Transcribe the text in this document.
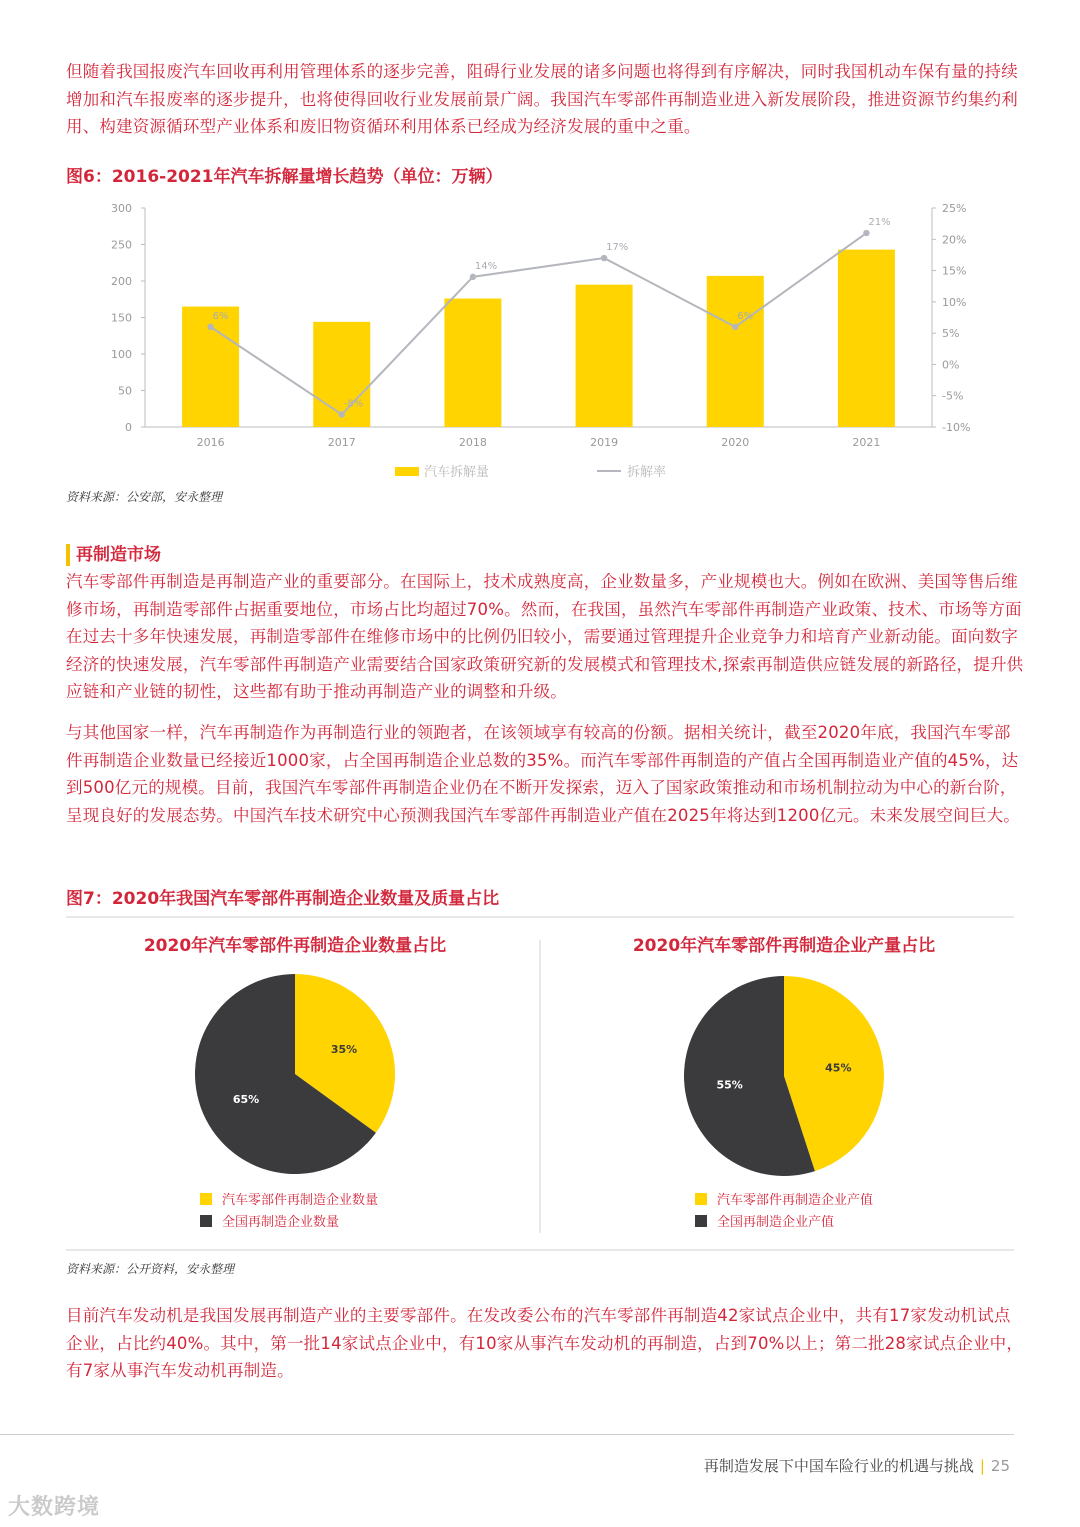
但随着我国报废汽车回收再利用管理体系的逐步完善，阻碍行业发展的诸多问题也将得到有序解决，同时我国机动车保有量的持续增加和汽车报废率的逐步提升，也将使得回收行业发展前景广阔。我国汽车零部件再制造业进入新发展阶段，推进资源节约集约利用、构建资源循环型产业体系和废旧物资循环利用体系已经成为经济发展的重中之重。

图6：2016-2021年汽车拆解量增长趋势（单位：万辆）

0
50
100
150
200
250
300
-10%
-5%
0%
5%
10%
15%
20%
25%
2016	2017	2018	2019	2020	2021
6%
-8%
14%
17%
6%
21%
汽车拆解量	拆解率

资料来源：公安部，安永整理

再制造市场

汽车零部件再制造是再制造产业的重要部分。在国际上，技术成熟度高，企业数量多，产业规模也大。例如在欧洲、美国等售后维修市场，再制造零部件占据重要地位，市场占比均超过70%。然而，在我国，虽然汽车零部件再制造产业政策、技术、市场等方面在过去十多年快速发展，再制造零部件在维修市场中的比例仍旧较小，需要通过管理提升企业竞争力和培育产业新动能。面向数字经济的快速发展，汽车零部件再制造产业需要结合国家政策研究新的发展模式和管理技术,探索再制造供应链发展的新路径，提升供应链和产业链的韧性，这些都有助于推动再制造产业的调整和升级。

与其他国家一样，汽车再制造作为再制造行业的领跑者，在该领域享有较高的份额。据相关统计，截至2020年底，我国汽车零部件再制造企业数量已经接近1000家，占全国再制造企业总数的35%。而汽车零部件再制造的产值占全国再制造业产值的45%，达到500亿元的规模。目前，我国汽车零部件再制造企业仍在不断开发探索，迈入了国家政策推动和市场机制拉动为中心的新台阶，呈现良好的发展态势。中国汽车技术研究中心预测我国汽车零部件再制造业产值在2025年将达到1200亿元。未来发展空间巨大。

图7：2020年我国汽车零部件再制造企业数量及质量占比

2020年汽车零部件再制造企业数量占比
35%
65%
汽车零部件再制造企业数量
全国再制造企业数量
2020年汽车零部件再制造企业产量占比
45%
55%
汽车零部件再制造企业产值
全国再制造企业产值

资料来源：公开资料，安永整理

目前汽车发动机是我国发展再制造产业的主要零部件。在发改委公布的汽车零部件再制造42家试点企业中，共有17家发动机试点企业，占比约40%。其中，第一批14家试点企业中，有10家从事汽车发动机的再制造，占到70%以上；第二批28家试点企业中，有7家从事汽车发动机再制造。

再制造发展下中国车险行业的机遇与挑战 | 25
大数跨境
